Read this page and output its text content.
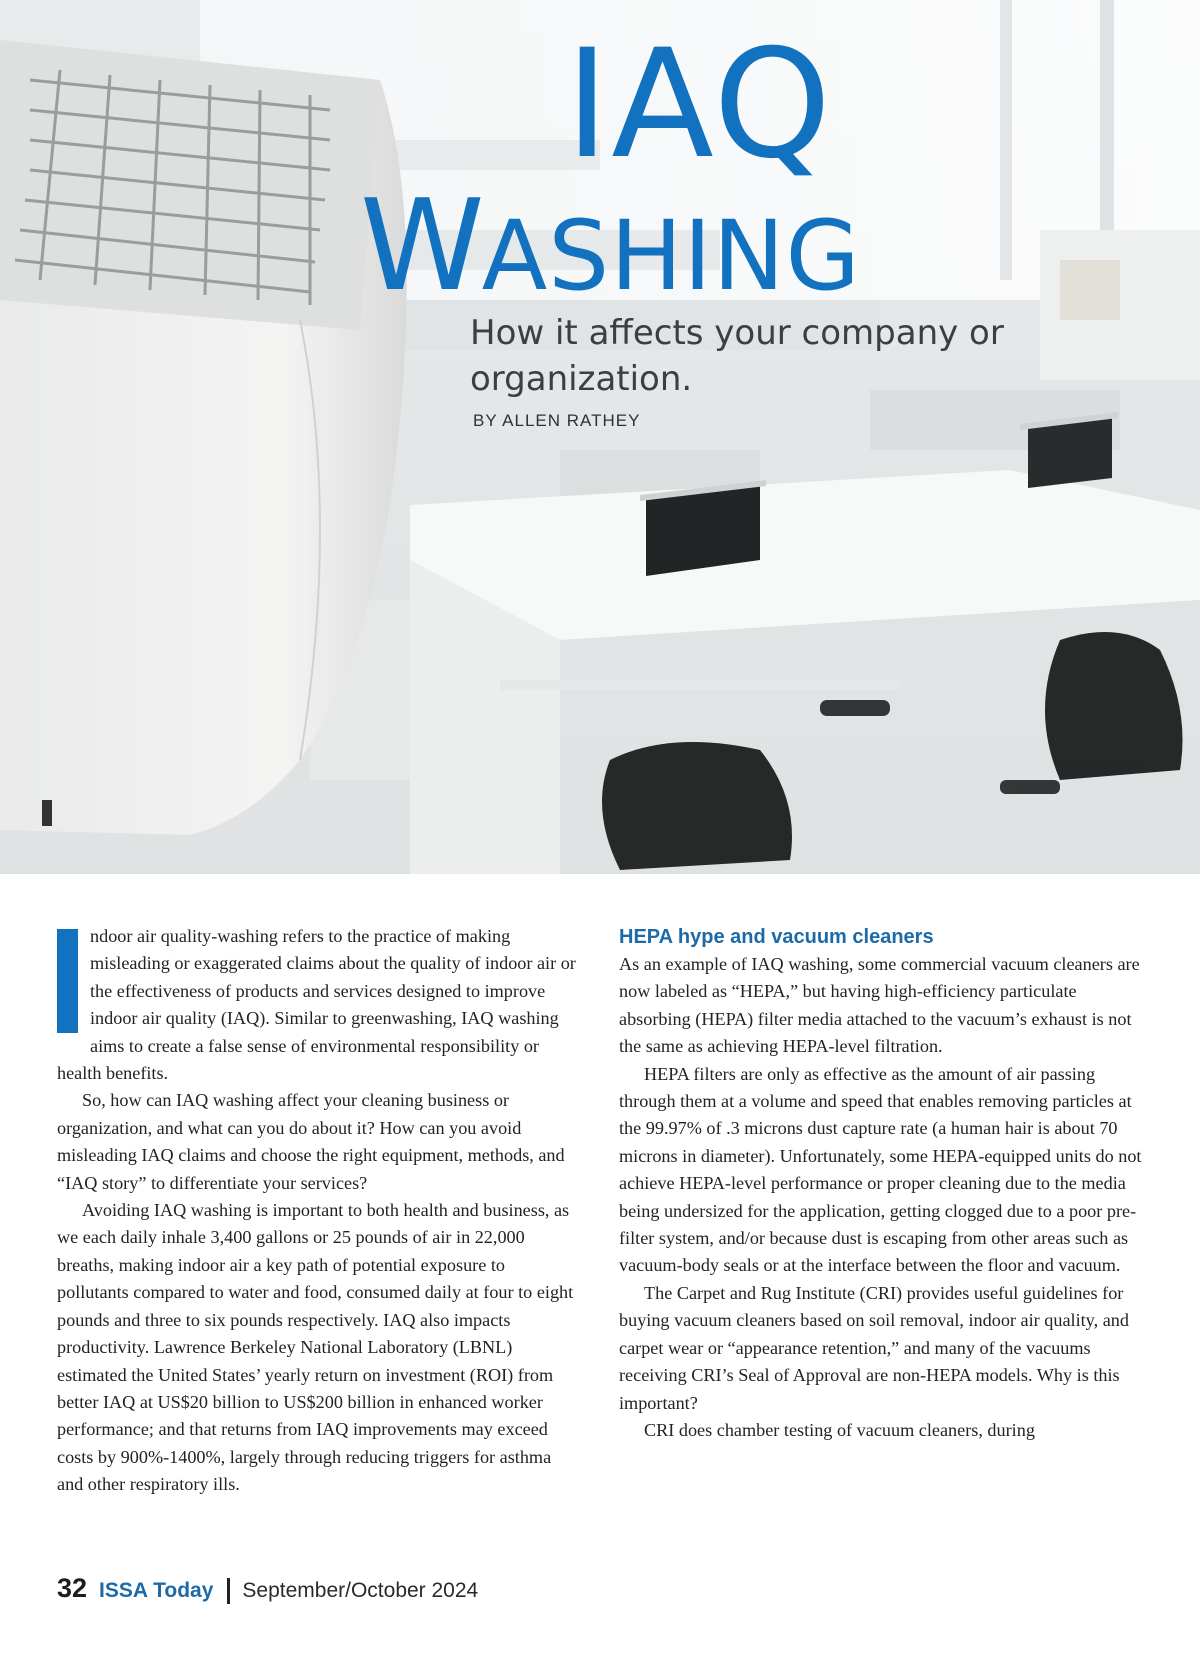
IAQ
WASHING

How it affects your company or organization.

BY ALLEN RATHEY

ndoor air quality-washing refers to the practice of making misleading or exaggerated claims about the quality of indoor air or the effectiveness of products and services designed to improve indoor air quality (IAQ). Similar to greenwashing, IAQ washing aims to create a false sense of environmental responsibility or health benefits.

So, how can IAQ washing affect your cleaning business or organization, and what can you do about it? How can you avoid misleading IAQ claims and choose the right equipment, methods, and “IAQ story” to differentiate your services?

Avoiding IAQ washing is important to both health and business, as we each daily inhale 3,400 gallons or 25 pounds of air in 22,000 breaths, making indoor air a key path of potential exposure to pollutants compared to water and food, consumed daily at four to eight pounds and three to six pounds respectively. IAQ also impacts productivity. Lawrence Berkeley National Laboratory (LBNL) estimated the United States’ yearly return on investment (ROI) from better IAQ at US$20 billion to US$200 billion in enhanced worker performance; and that returns from IAQ improvements may exceed costs by 900%-1400%, largely through reducing triggers for asthma and other respiratory ills.

HEPA hype and vacuum cleaners

As an example of IAQ washing, some commercial vacuum cleaners are now labeled as “HEPA,” but having high-efficiency particulate absorbing (HEPA) filter media attached to the vacuum’s exhaust is not the same as achieving HEPA-level filtration.

HEPA filters are only as effective as the amount of air passing through them at a volume and speed that enables removing particles at the 99.97% of .3 microns dust capture rate (a human hair is about 70 microns in diameter). Unfortunately, some HEPA-equipped units do not achieve HEPA-level performance or proper cleaning due to the media being undersized for the application, getting clogged due to a poor pre-filter system, and/or because dust is escaping from other areas such as vacuum-body seals or at the interface between the floor and vacuum.

The Carpet and Rug Institute (CRI) provides useful guidelines for buying vacuum cleaners based on soil removal, indoor air quality, and carpet wear or “appearance retention,” and many of the vacuums receiving CRI’s Seal of Approval are non-HEPA models. Why is this important?

CRI does chamber testing of vacuum cleaners, during

32 ISSA Today September/October 2024
